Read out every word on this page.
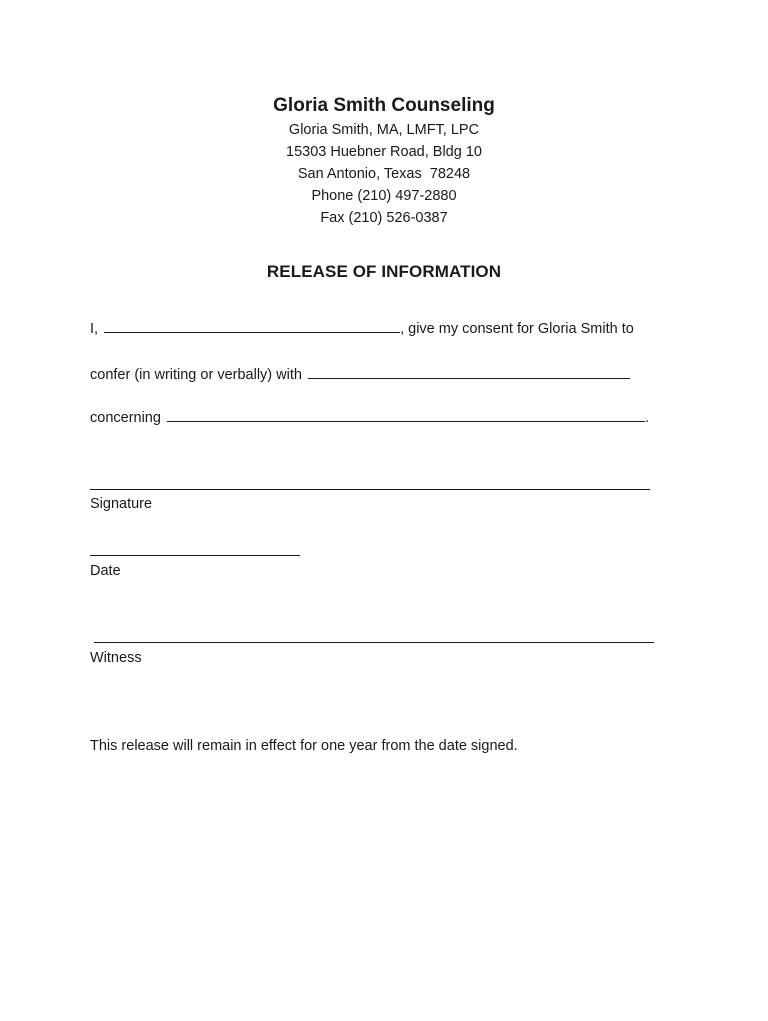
Gloria Smith Counseling

Gloria Smith, MA, LMFT, LPC

15303 Huebner Road, Bldg 10

San Antonio, Texas  78248

Phone (210) 497-2880

Fax (210) 526-0387

RELEASE OF INFORMATION
I,	, give my consent for Gloria Smith to
confer (in writing or verbally) with
concerning	.
Signature
Date
Witness
This release will remain in effect for one year from the date signed.
